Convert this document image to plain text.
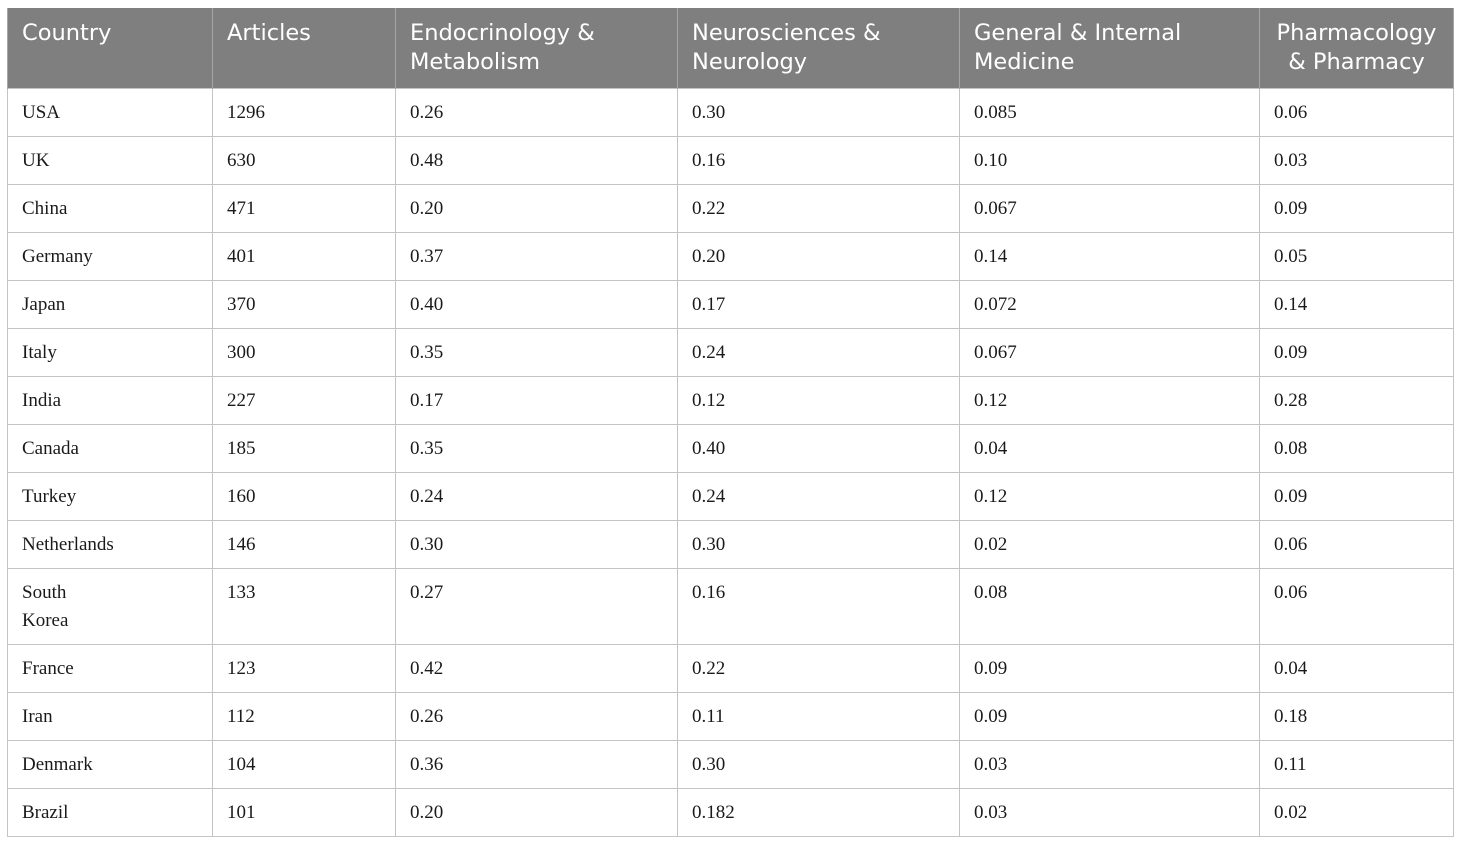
Country	Articles	Endocrinology & Metabolism	Neurosciences & Neurology	General & Internal Medicine	Pharmacology & Pharmacy
USA	1296	0.26	0.30	0.085	0.06
UK	630	0.48	0.16	0.10	0.03
China	471	0.20	0.22	0.067	0.09
Germany	401	0.37	0.20	0.14	0.05
Japan	370	0.40	0.17	0.072	0.14
Italy	300	0.35	0.24	0.067	0.09
India	227	0.17	0.12	0.12	0.28
Canada	185	0.35	0.40	0.04	0.08
Turkey	160	0.24	0.24	0.12	0.09
Netherlands	146	0.30	0.30	0.02	0.06
South Korea	133	0.27	0.16	0.08	0.06
France	123	0.42	0.22	0.09	0.04
Iran	112	0.26	0.11	0.09	0.18
Denmark	104	0.36	0.30	0.03	0.11
Brazil	101	0.20	0.182	0.03	0.02
